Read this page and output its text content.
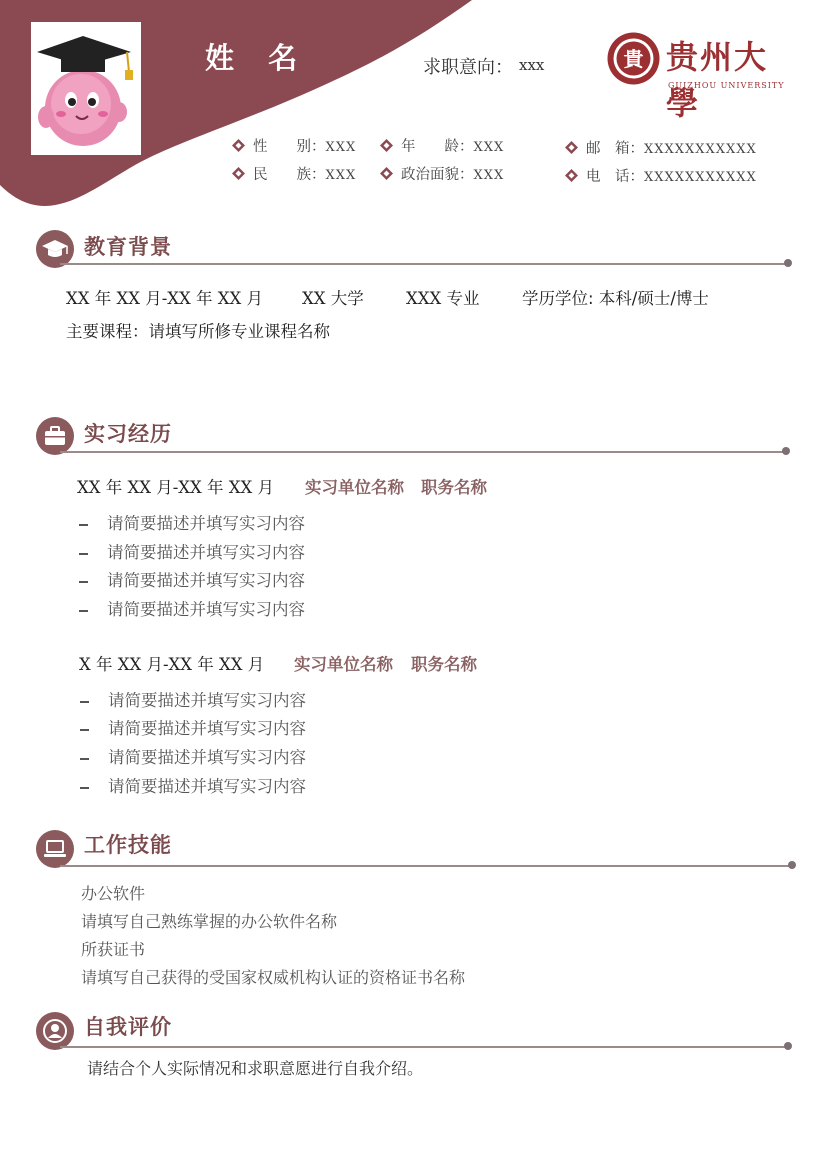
姓 名	求职意向： xxx	貴 贵州大學
GUIZHOU UNIVERSITY
性　　别：XXX	年　　龄：XXX	邮　箱：XXXXXXXXXXX
民　　族：XXX	政治面貌：XXX	电　话：XXXXXXXXXXX
教育背景
XX 年 XX 月-XX 年 XX 月 XX 大学	XXX 专业	学历学位: 本科/硕士/博士
主要课程：请填写所修专业课程名称
实习经历
XX 年 XX 月-XX 年 XX 月 实习单位名称 职务名称
请简要描述并填写实习内容
请简要描述并填写实习内容
请简要描述并填写实习内容
请简要描述并填写实习内容
X 年 XX 月-XX 年 XX 月 实习单位名称 职务名称
请简要描述并填写实习内容
请简要描述并填写实习内容
请简要描述并填写实习内容
请简要描述并填写实习内容
工作技能
办公软件
请填写自己熟练掌握的办公软件名称
所获证书
请填写自己获得的受国家权威机构认证的资格证书名称
自我评价
请结合个人实际情况和求职意愿进行自我介绍。
